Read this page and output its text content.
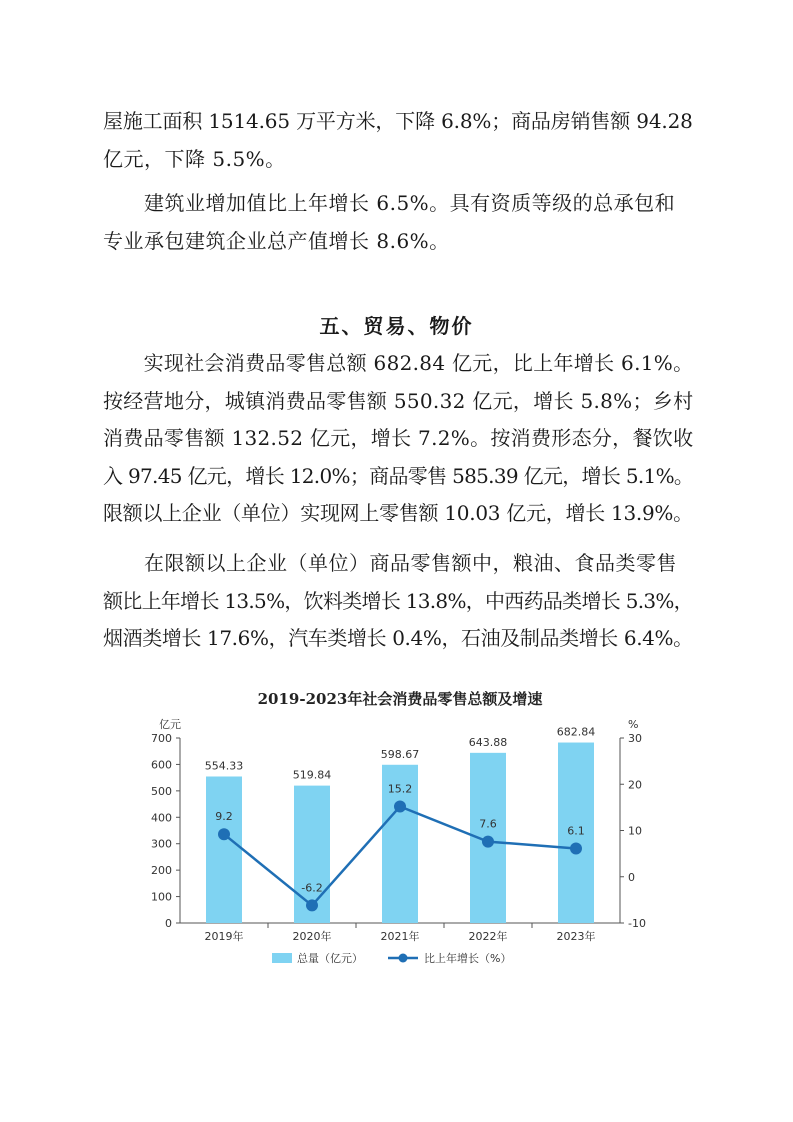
屋施工面积 1514.65 万平方米，下降 6.8%；商品房销售额 94.28
亿元，下降 5.5%。
　　建筑业增加值比上年增长 6.5%。具有资质等级的总承包和
专业承包建筑企业总产值增长 8.6%。
五、贸易、物价
　　实现社会消费品零售总额 682.84 亿元，比上年增长 6.1%。
按经营地分，城镇消费品零售额 550.32 亿元，增长 5.8%；乡村
消费品零售额 132.52 亿元，增长 7.2%。按消费形态分，餐饮收
入 97.45 亿元，增长 12.0%；商品零售 585.39 亿元，增长 5.1%。
限额以上企业（单位）实现网上零售额 10.03 亿元，增长 13.9%。
　　在限额以上企业（单位）商品零售额中，粮油、食品类零售
额比上年增长 13.5%，饮料类增长 13.8%，中西药品类增长 5.3%，
烟酒类增长 17.6%，汽车类增长 0.4%，石油及制品类增长 6.4%。
2019-2023年社会消费品零售总额及增速
0
100
200
300
400
500
600
700
-10
0
10
20
30
亿元	%
2019年	2020年	2021年	2022年	2023年
554.33
519.84
598.67
643.88
682.84
9.2
-6.2
15.2
7.6
6.1
总量（亿元）	比上年增长（%）
